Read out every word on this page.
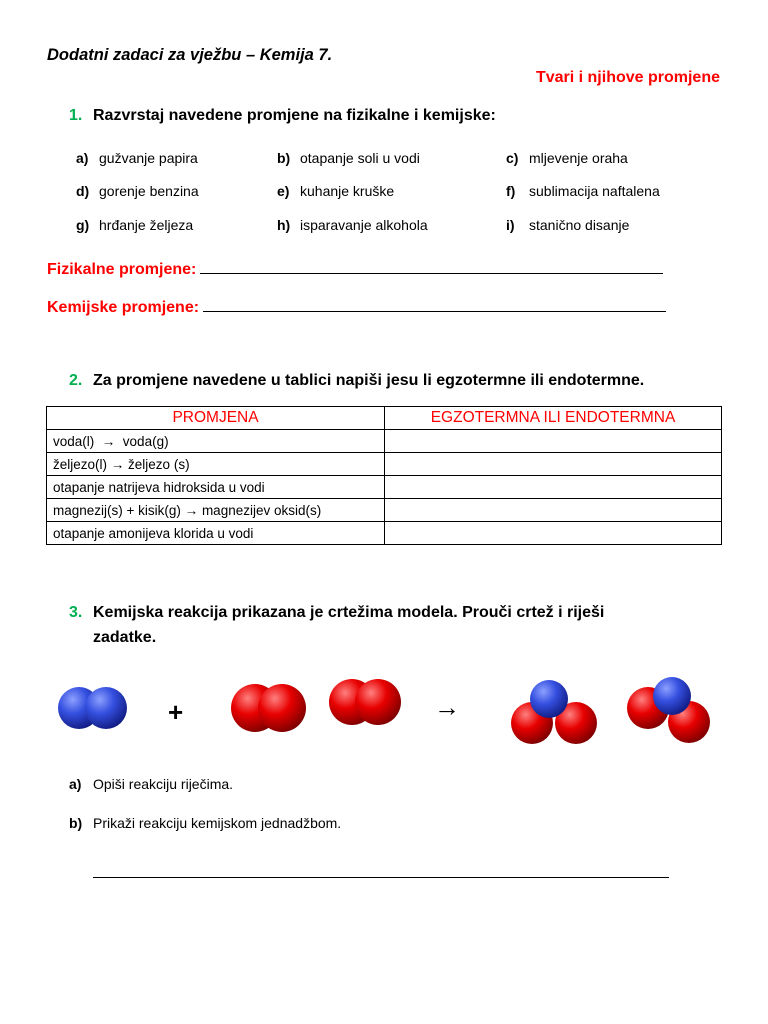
Dodatni zadaci za vježbu – Kemija 7.
Tvari i njihove promjene
1. Razvrstaj navedene promjene na fizikalne i kemijske:
a) gužvanje papira	b) otapanje soli u vodi	c) mljevenje oraha
d) gorenje benzina	e) kuhanje kruške	f) sublimacija naftalena
g) hrđanje željeza	h) isparavanje alkohola	i) stanično disanje
Fizikalne promjene:
Kemijske promjene:
2. Za promjene navedene u tablici napiši jesu li egzotermne ili endotermne.
PROMJENA	EGZOTERMNA ILI ENDOTERMNA
voda(l) → voda(g)	
željezo(l) → željezo (s)	
otapanje natrijeva hidroksida u vodi	
magnezij(s) + kisik(g) → magnezijev oksid(s)	
otapanje amonijeva klorida u vodi	
3. Kemijska reakcija prikazana je crtežima modela. Prouči crtež i riješi
zadatke.
+	→
a) Opiši reakciju riječima.
b) Prikaži reakciju kemijskom jednadžbom.
